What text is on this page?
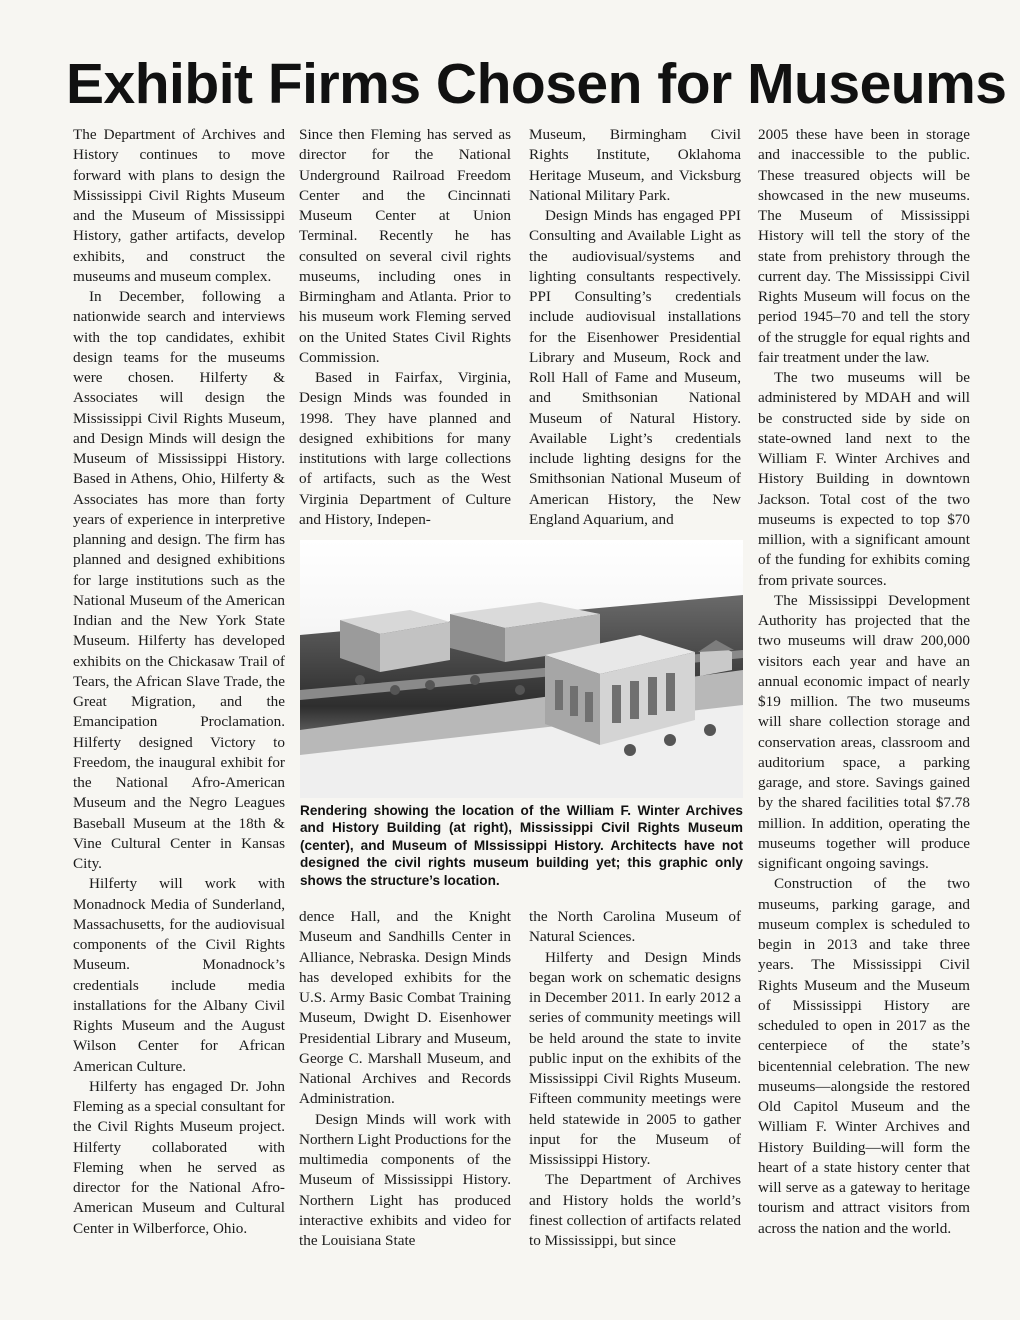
Exhibit Firms Chosen for Museums

The Department of Archives and History continues to move forward with plans to design the Mississippi Civil Rights Museum and the Museum of Mississippi History, gather artifacts, develop exhibits, and construct the museums and museum complex.

In December, following a nationwide search and interviews with the top candidates, exhibit design teams for the museums were chosen. Hilferty & Associates will design the Mississippi Civil Rights Museum, and Design Minds will design the Museum of Mississippi History. Based in Athens, Ohio, Hilferty & Associates has more than forty years of experience in interpretive planning and design. The firm has planned and designed exhibitions for large institutions such as the National Museum of the American Indian and the New York State Museum. Hilferty has developed exhibits on the Chickasaw Trail of Tears, the African Slave Trade, the Great Migration, and the Emancipation Proclamation. Hilferty designed Victory to Freedom, the inaugural exhibit for the National Afro-American Museum and the Negro Leagues Baseball Museum at the 18th & Vine Cultural Center in Kansas City.

Hilferty will work with Monadnock Media of Sunderland, Massachusetts, for the audiovisual components of the Civil Rights Museum. Monadnock’s credentials include media installations for the Albany Civil Rights Museum and the August Wilson Center for African American Culture.

Hilferty has engaged Dr. John Fleming as a special consultant for the Civil Rights Museum project. Hilferty collaborated with Fleming when he served as director for the National Afro-American Museum and Cultural Center in Wilberforce, Ohio.

Since then Fleming has served as director for the National Underground Railroad Freedom Center and the Cincinnati Museum Center at Union Terminal. Recently he has consulted on several civil rights museums, including ones in Birmingham and Atlanta. Prior to his museum work Fleming served on the United States Civil Rights Commission.

Based in Fairfax, Virginia, Design Minds was founded in 1998. They have planned and designed exhibitions for many institutions with large collections of artifacts, such as the West Virginia Department of Culture and History, Indepen-

Museum, Birmingham Civil Rights Institute, Oklahoma Heritage Museum, and Vicksburg National Military Park.

Design Minds has engaged PPI Consulting and Available Light as the audiovisual/systems and lighting consultants respectively. PPI Consulting’s credentials include audiovisual installations for the Eisenhower Presidential Library and Museum, Rock and Roll Hall of Fame and Museum, and Smithsonian National Museum of Natural History. Available Light’s credentials include lighting designs for the Smithsonian National Museum of American History, the New England Aquarium, and

Rendering showing the location of the William F. Winter Archives and History Building (at right), Mississippi Civil Rights Museum (center), and Museum of MIssissippi History. Architects have not designed the civil rights museum building yet; this graphic only shows the structure’s location.

dence Hall, and the Knight Museum and Sandhills Center in Alliance, Nebraska. Design Minds has developed exhibits for the U.S. Army Basic Combat Training Museum, Dwight D. Eisenhower Presidential Library and Museum, George C. Marshall Museum, and National Archives and Records Administration.

Design Minds will work with Northern Light Productions for the multimedia components of the Museum of Mississippi History. Northern Light has produced interactive exhibits and video for the Louisiana State

the North Carolina Museum of Natural Sciences.

Hilferty and Design Minds began work on schematic designs in December 2011. In early 2012 a series of community meetings will be held around the state to invite public input on the exhibits of the Mississippi Civil Rights Museum. Fifteen community meetings were held statewide in 2005 to gather input for the Museum of Mississippi History.

The Department of Archives and History holds the world’s finest collection of artifacts related to Mississippi, but since

2005 these have been in storage and inaccessible to the public. These treasured objects will be showcased in the new museums. The Museum of Mississippi History will tell the story of the state from prehistory through the current day. The Mississippi Civil Rights Museum will focus on the period 1945–70 and tell the story of the struggle for equal rights and fair treatment under the law.

The two museums will be administered by MDAH and will be constructed side by side on state-owned land next to the William F. Winter Archives and History Building in downtown Jackson. Total cost of the two museums is expected to top $70 million, with a significant amount of the funding for exhibits coming from private sources.

The Mississippi Development Authority has projected that the two museums will draw 200,000 visitors each year and have an annual economic impact of nearly $19 million. The two museums will share collection storage and conservation areas, classroom and auditorium space, a parking garage, and store. Savings gained by the shared facilities total $7.78 million. In addition, operating the museums together will produce significant ongoing savings.

Construction of the two museums, parking garage, and museum complex is scheduled to begin in 2013 and take three years. The Mississippi Civil Rights Museum and the Museum of Mississippi History are scheduled to open in 2017 as the centerpiece of the state’s bicentennial celebration. The new museums—alongside the restored Old Capitol Museum and the William F. Winter Archives and History Building—will form the heart of a state history center that will serve as a gateway to heritage tourism and attract visitors from across the nation and the world.
